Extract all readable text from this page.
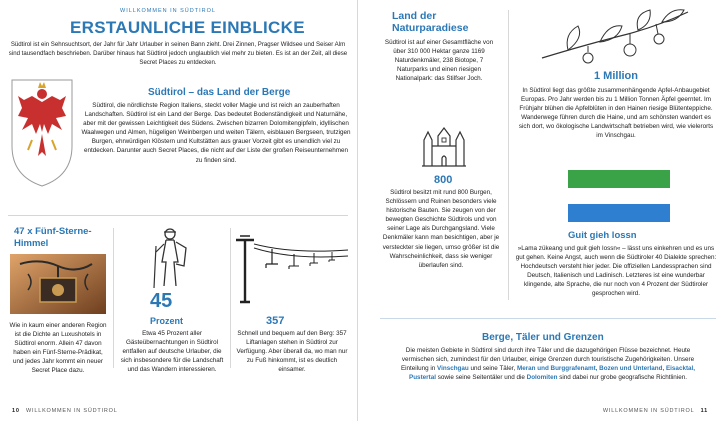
WILLKOMMEN IN SÜDTIROL
ERSTAUNLICHE EINBLICKE
Südtirol ist ein Sehnsuchtsort, der Jahr für Jahr Urlauber in seinen Bann zieht. Drei Zinnen, Pragser Wildsee und Seiser Alm sind tausendfach beschrieben. Darüber hinaus hat Südtirol jedoch unglaublich viel mehr zu bieten. Es ist an der Zeit, all diese Secret Places zu entdecken.
Südtirol – das Land der Berge
Südtirol, die nördlichste Region Italiens, steckt voller Magie und ist reich an zauberhaften Landschaften. Südtirol ist ein Land der Berge. Das bedeutet Bodenständigkeit und Naturnähe, aber mit der gewissen Leichtigkeit des Südens. Zwischen bizarren Dolomitengipfeln, idyllischen Waalwegen und Almen, hügeligen Weinbergen und weiten Tälern, eisblauen Bergseen, trutzigen Burgen, ehrwürdigen Klöstern und Kultstätten aus grauer Vorzeit gibt es unendlich viel zu entdecken. Darunter auch Secret Places, die nicht auf der Liste der großen Reiseunternehmen zu finden sind.
47 x Fünf-Sterne-Himmel
Wie in kaum einer anderen Region ist die Dichte an Luxushotels in Südtirol enorm. Allein 47 davon haben ein Fünf-Sterne-Prädikat, und jedes Jahr kommt ein neuer Secret Place dazu.
45
Prozent
Etwa 45 Prozent aller Gästeübernachtungen in Südtirol entfallen auf deutsche Urlauber, die sich insbesondere für die Landschaft und das Wandern interessieren.
357
Schnell und bequem auf den Berg: 357 Liftanlagen stehen in Südtirol zur Verfügung. Aber überall da, wo man nur zu Fuß hinkommt, ist es deutlich einsamer.
10 WILLKOMMEN IN SÜDTIROL
Land der Naturparadiese
Südtirol ist auf einer Gesamtfläche von über 310 000 Hektar ganze 1169 Naturdenkmäler, 238 Biotope, 7 Naturparks und einen riesigen Nationalpark: das Stilfser Joch.
800
Südtirol besitzt mit rund 800 Burgen, Schlössern und Ruinen besonders viele historische Bauten. Sie zeugen von der bewegten Geschichte Südtirols und von seiner Lage als Durchgangsland. Viele Denkmäler kann man besichtigen, aber je versteckter sie liegen, umso größer ist die Wahrscheinlichkeit, dass sie weniger überlaufen sind.
1 Million
In Südtirol liegt das größte zusammenhängende Apfel-Anbaugebiet Europas. Pro Jahr werden bis zu 1 Million Tonnen Äpfel geerntet. Im Frühjahr blühen die Apfelblüten in den Hainen riesige Blütenteppiche. Wanderwege führen durch die Haine, und am schönsten wandert es sich dort, wo ökologische Landwirtschaft betrieben wird, wie vielerorts im Vinschgau.
Guit gieh lossn
»Lama zükeang und guit gieh lossn« – lässt uns einkehren und es uns gut gehen. Keine Angst, auch wenn die Südtiroler 40 Dialekte sprechen: Hochdeutsch versteht hier jeder. Die offiziellen Landessprachen sind Deutsch, Italienisch und Ladinisch. Letzteres ist eine wunderbar klingende, alte Sprache, die nur noch von 4 Prozent der Südtiroler gesprochen wird.
Berge, Täler und Grenzen
Die meisten Gebiete in Südtirol sind durch ihre Täler und die dazugehörigen Flüsse bezeichnet. Heute vermischen sich, zumindest für den Urlauber, einige Grenzen durch touristische Zugehörigkeiten. Unsere Einteilung in Vinschgau und seine Täler, Meran und Burggrafenamt, Bozen und Unterland, Eisacktal, Pustertal sowie seine Seitentäler und die Dolomiten sind dabei nur grobe geografische Richtlinien.
WILLKOMMEN IN SÜDTIROL 11
